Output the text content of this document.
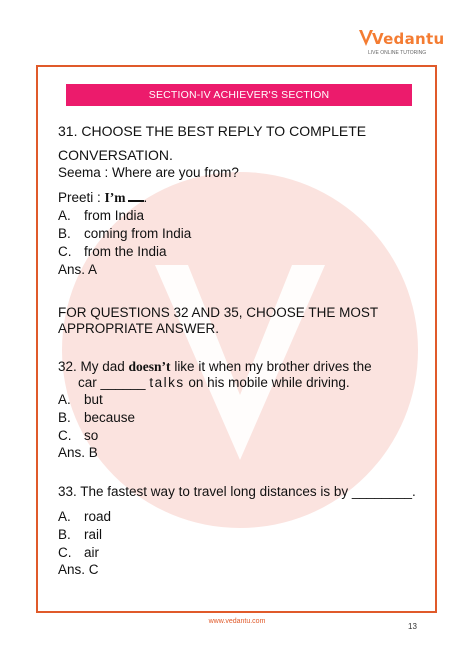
Vedantu
LIVE ONLINE TUTORING
SECTION-IV ACHIEVER'S SECTION
31. CHOOSE THE BEST REPLY TO COMPLETE
CONVERSATION.
Seema : Where are you from?
Preeti : I’m .
A. from India
B. coming from India
C. from the India
Ans. A
FOR QUESTIONS 32 AND 35, CHOOSE THE MOST
APPROPRIATE ANSWER.
32. My dad doesn’t like it when my brother drives the
car ______ talks on his mobile while driving.
A. but
B. because
C. so
Ans. B
33. The fastest way to travel long distances is by ________.
A. road
B. rail
C. air
Ans. C
www.vedantu.com
13
